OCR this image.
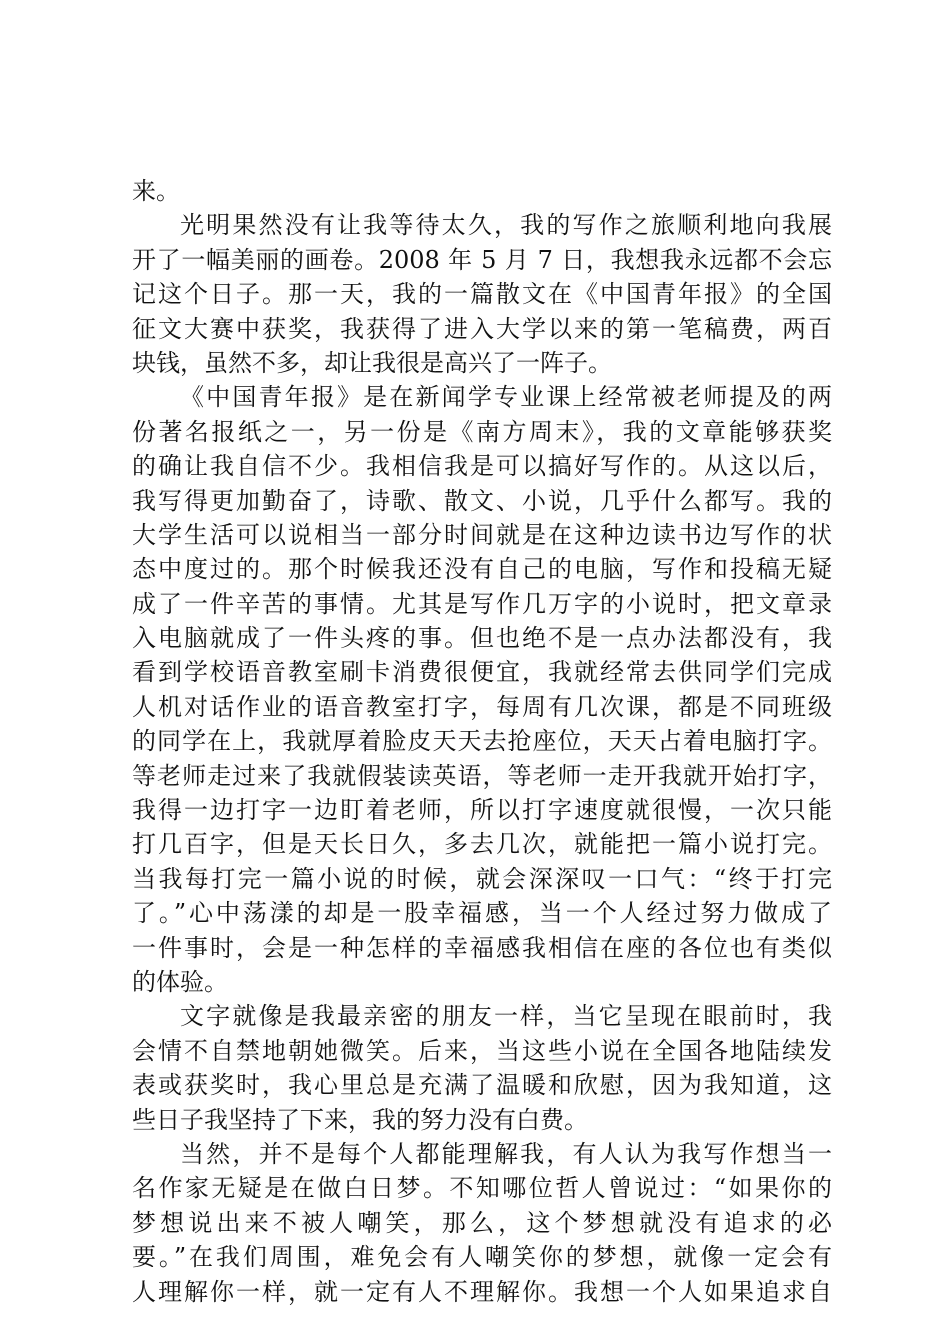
来。
光明果然没有让我等待太久，我的写作之旅顺利地向我展
开了一幅美丽的画卷。2008 年 5 月 7 日，我想我永远都不会忘
记这个日子。那一天，我的一篇散文在《中国青年报》的全国
征文大赛中获奖，我获得了进入大学以来的第一笔稿费，两百
块钱，虽然不多，却让我很是高兴了一阵子。
《中国青年报》是在新闻学专业课上经常被老师提及的两
份著名报纸之一，另一份是《南方周末》，我的文章能够获奖
的确让我自信不少。我相信我是可以搞好写作的。从这以后，
我写得更加勤奋了，诗歌、散文、小说，几乎什么都写。我的
大学生活可以说相当一部分时间就是在这种边读书边写作的状
态中度过的。那个时候我还没有自己的电脑，写作和投稿无疑
成了一件辛苦的事情。尤其是写作几万字的小说时，把文章录
入电脑就成了一件头疼的事。但也绝不是一点办法都没有，我
看到学校语音教室刷卡消费很便宜，我就经常去供同学们完成
人机对话作业的语音教室打字，每周有几次课，都是不同班级
的同学在上，我就厚着脸皮天天去抢座位，天天占着电脑打字。
等老师走过来了我就假装读英语，等老师一走开我就开始打字，
我得一边打字一边盯着老师，所以打字速度就很慢，一次只能
打几百字，但是天长日久，多去几次，就能把一篇小说打完。
当我每打完一篇小说的时候，就会深深叹一口气：“终于打完
了。”心中荡漾的却是一股幸福感，当一个人经过努力做成了
一件事时，会是一种怎样的幸福感我相信在座的各位也有类似
的体验。
文字就像是我最亲密的朋友一样，当它呈现在眼前时，我
会情不自禁地朝她微笑。后来，当这些小说在全国各地陆续发
表或获奖时，我心里总是充满了温暖和欣慰，因为我知道，这
些日子我坚持了下来，我的努力没有白费。
当然，并不是每个人都能理解我，有人认为我写作想当一
名作家无疑是在做白日梦。不知哪位哲人曾说过：“如果你的
梦想说出来不被人嘲笑，那么，这个梦想就没有追求的必
要。”在我们周围，难免会有人嘲笑你的梦想，就像一定会有
人理解你一样，就一定有人不理解你。我想一个人如果追求自
